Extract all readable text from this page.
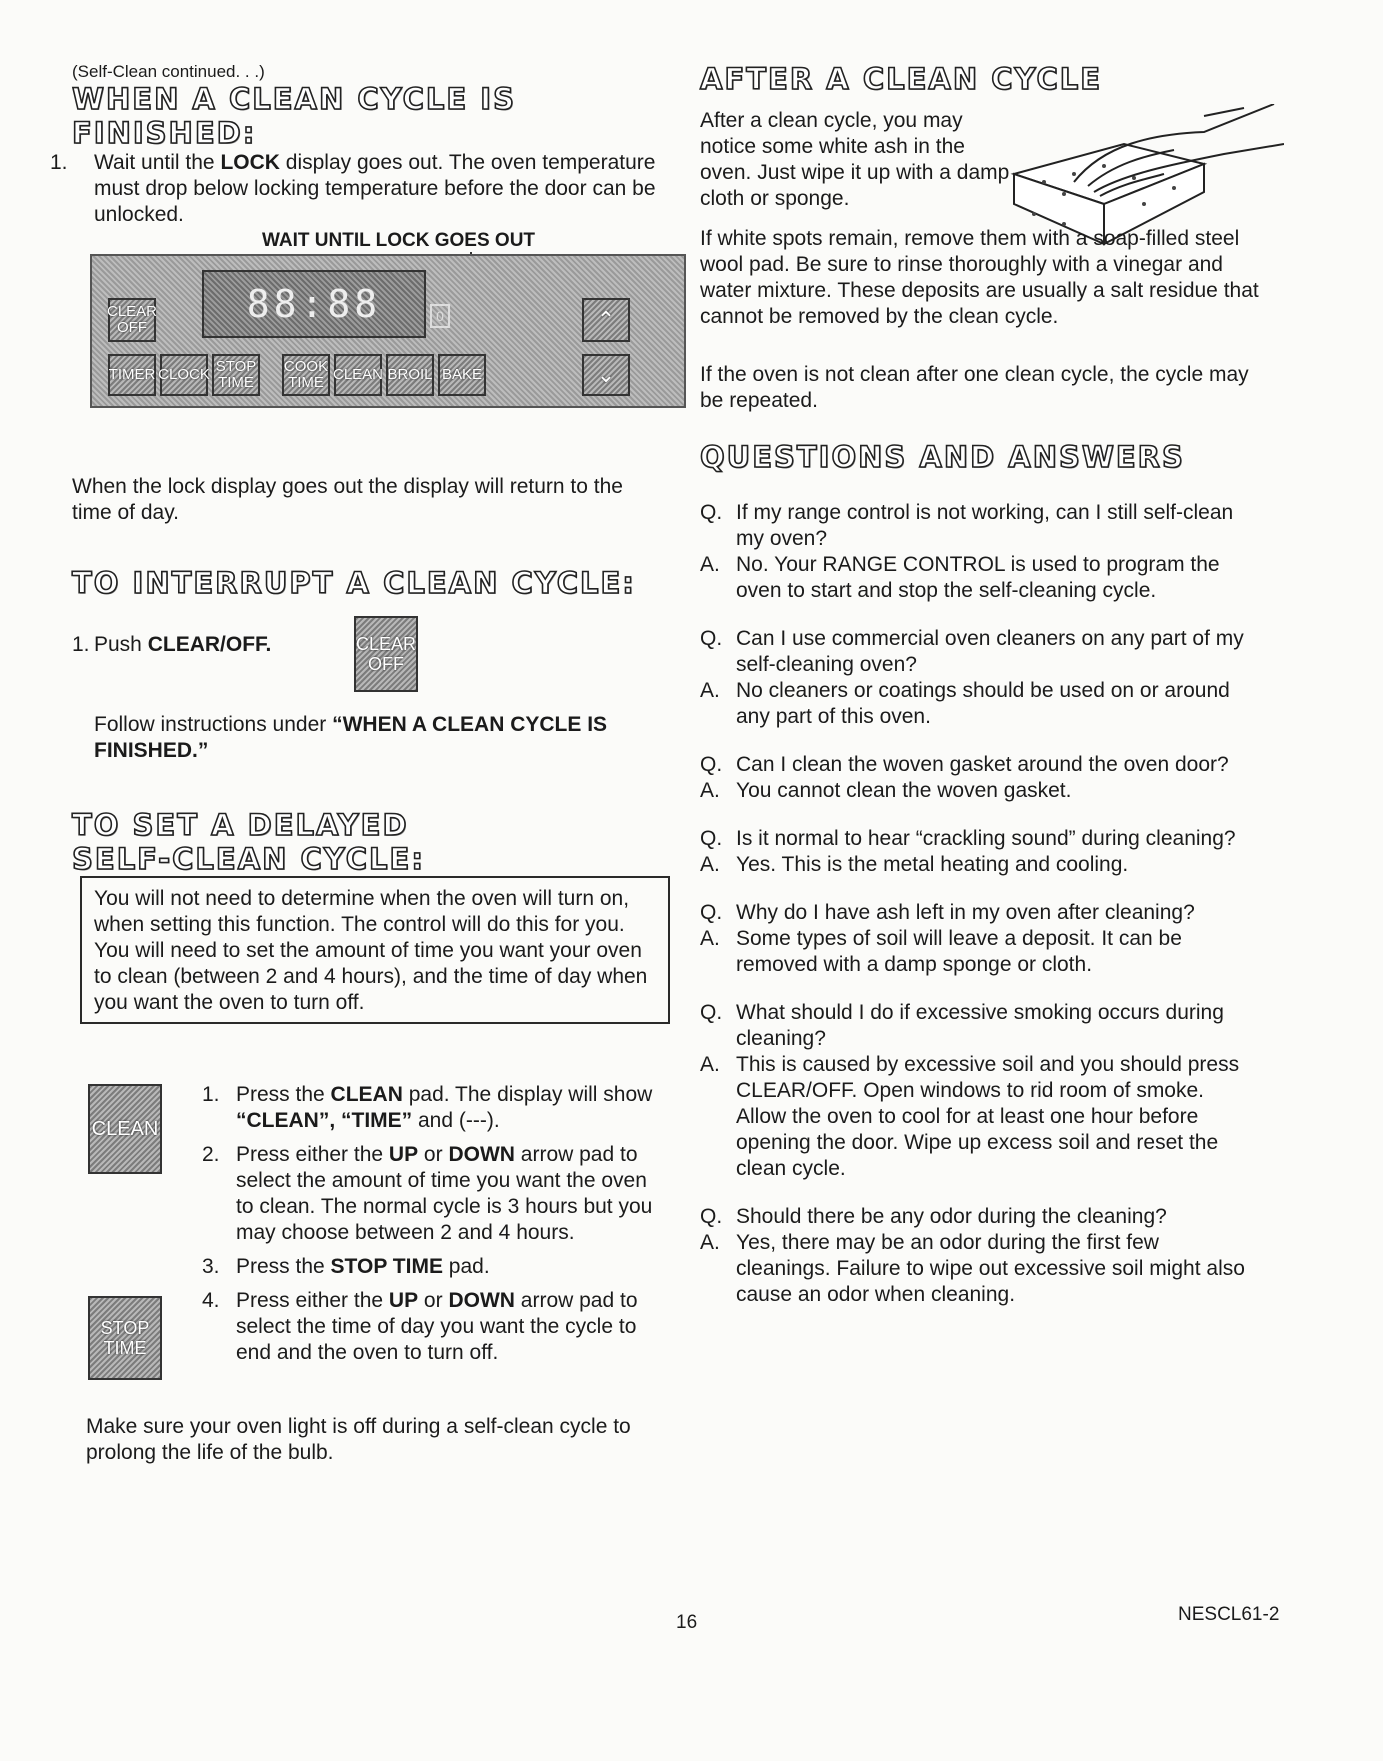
(Self-Clean continued. . .)
WHEN A CLEAN CYCLE IS
FINISHED:
1. Wait until the LOCK display goes out. The oven temperature must drop below locking temperature before the door can be unlocked.
WAIT UNTIL LOCK GOES OUT
CLEAR OFF
88:88	0	⌃
TIMER CLOCK STOP TIME
COOK TIME CLEAN BROIL BAKE	⌄
When the lock display goes out the display will return to the time of day.
TO INTERRUPT A CLEAN CYCLE:
1. Push CLEAR/OFF.	CLEAR OFF
Follow instructions under “WHEN A CLEAN CYCLE IS FINISHED.”
TO SET A DELAYED
SELF-CLEAN CYCLE:
You will not need to determine when the oven will turn on, when setting this function. The control will do this for you. You will need to set the amount of time you want your oven to clean (between 2 and 4 hours), and the time of day when you want the oven to turn off.
CLEAN
STOP TIME
1. Press the CLEAN pad. The display will show “CLEAN”, “TIME” and (---).
2. Press either the UP or DOWN arrow pad to select the amount of time you want the oven to clean. The normal cycle is 3 hours but you may choose between 2 and 4 hours.
3. Press the STOP TIME pad.
4. Press either the UP or DOWN arrow pad to select the time of day you want the cycle to end and the oven to turn off.
Make sure your oven light is off during a self-clean cycle to prolong the life of the bulb.
AFTER A CLEAN CYCLE
After a clean cycle, you may notice some white ash in the oven. Just wipe it up with a damp cloth or sponge.
If white spots remain, remove them with a soap-filled steel wool pad. Be sure to rinse thoroughly with a vinegar and water mixture. These deposits are usually a salt residue that cannot be removed by the clean cycle.
If the oven is not clean after one clean cycle, the cycle may be repeated.
QUESTIONS AND ANSWERS

Q. If my range control is not working, can I still self-clean my oven?

A. No. Your RANGE CONTROL is used to program the oven to start and stop the self-cleaning cycle.

Q. Can I use commercial oven cleaners on any part of my self-cleaning oven?

A. No cleaners or coatings should be used on or around any part of this oven.

Q. Can I clean the woven gasket around the oven door?

A. You cannot clean the woven gasket.

Q. Is it normal to hear “crackling sound” during cleaning?

A. Yes. This is the metal heating and cooling.

Q. Why do I have ash left in my oven after cleaning?

A. Some types of soil will leave a deposit. It can be removed with a damp sponge or cloth.

Q. What should I do if excessive smoking occurs during cleaning?

A. This is caused by excessive soil and you should press CLEAR/OFF. Open windows to rid room of smoke. Allow the oven to cool for at least one hour before opening the door. Wipe up excess soil and reset the clean cycle.

Q. Should there be any odor during the cleaning?

A. Yes, there may be an odor during the first few cleanings. Failure to wipe out excessive soil might also cause an odor when cleaning.

16	NESCL61-2
